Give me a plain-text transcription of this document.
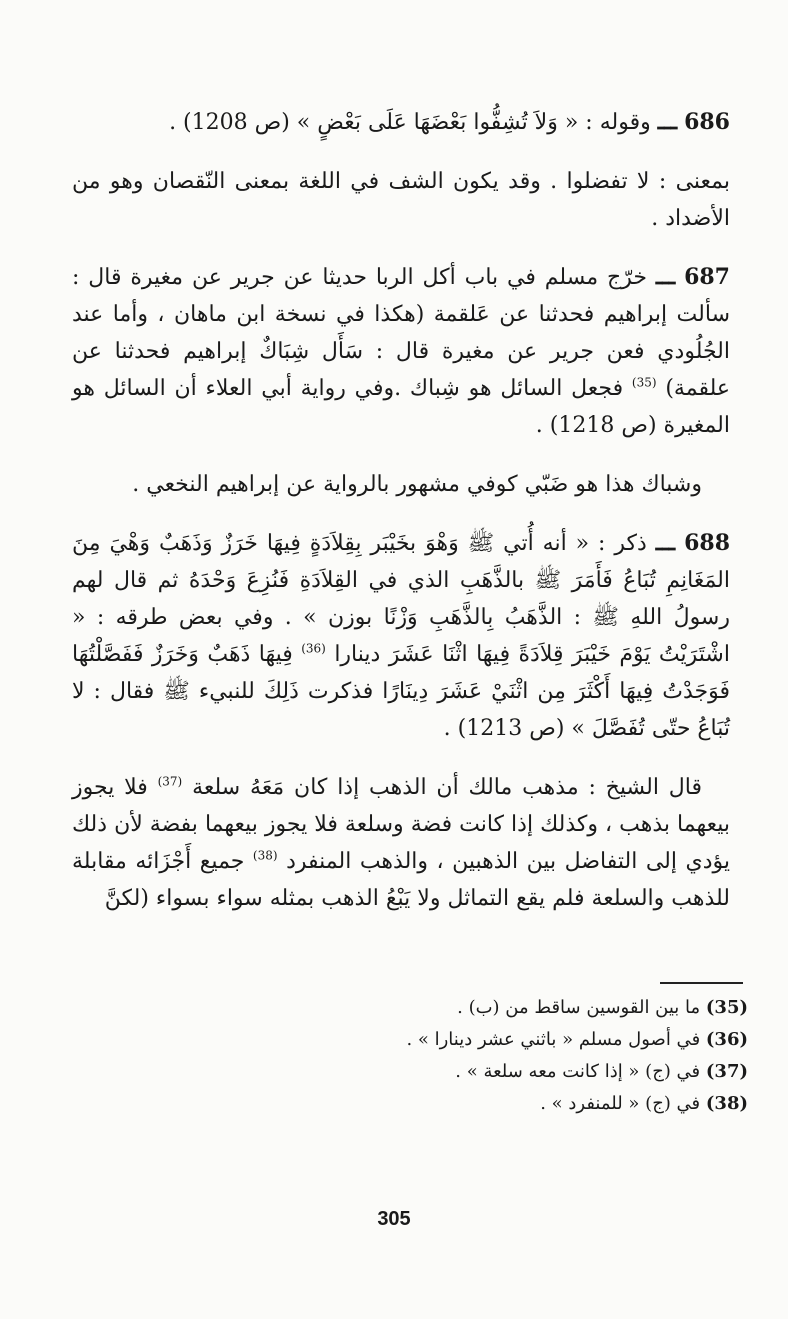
686 ـــ وقوله : « وَلاَ تُشِفُّوا بَعْضَهَا عَلَى بَعْضٍ » (ص 1208) .

بمعنى : لا تفضلوا . وقد يكون الشف في اللغة بمعنى النّقصان وهو من الأضداد .

687 ـــ خرّج مسلم في باب أكل الربا حديثا عن جرير عن مغيرة قال : سألت إبراهيم فحدثنا عن عَلقمة (هكذا في نسخة ابن ماهان ، وأما عند الجُلُودي فعن جرير عن مغيرة قال : سَأَل شِبَاكٌ إبراهيم فحدثنا عن علقمة) $^{(35)}$ فجعل السائل هو شِباك .وفي رواية أبي العلاء أن السائل هو المغيرة (ص 1218) .

وشباك هذا هو ضَبّي كوفي مشهور بالرواية عن إبراهيم النخعي .

688 ـــ ذكر : « أنه أُتي ﷺ وَهْوَ بخَيْبَر بِقِلاَدَةٍ فِيهَا خَرَزٌ وَذَهَبٌ وَهْيَ مِنَ المَغَانِمِ تُبَاعُ فَأَمَرَ ﷺ بالذَّهَبِ الذي في القِلاَدَةِ فَنُزِعَ وَحْدَهُ ثم قال لهم رسولُ اللهِ ﷺ : الذَّهَبُ بِالذَّهَبِ وَزْنًا بوزن » . وفي بعض طرقه : « اشْتَرَيْتُ يَوْمَ خَيْبَرَ قِلاَدَةً فِيهَا اثْنَا عَشَرَ دينارا $^{(36)}$ فِيهَا ذَهَبٌ وَخَرَزٌ فَفَصَّلْتُهَا فَوَجَدْتُ فِيهَا أَكْثَرَ مِن اثْنَيْ عَشَرَ دِينَارًا فذكرت ذَلِكَ للنبيء ﷺ فقال : لا تُبَاعُ حتّى تُفَصَّلَ » (ص 1213) .

قال الشيخ : مذهب مالك أن الذهب إذا كان مَعَهُ سلعة $^{(37)}$ فلا يجوز بيعهما بذهب ، وكذلك إذا كانت فضة وسلعة فلا يجوز بيعهما بفضة لأن ذلك يؤدي إلى التفاضل بين الذهبين ، والذهب المنفرد $^{(38)}$ جميع أَجْزَائه مقابلة للذهب والسلعة فلم يقع التماثل ولا يَبْعُ الذهب بمثله سواء بسواء (لكنَّ

(35) ما بين القوسين ساقط من (ب) .

(36) في أصول مسلم « باثني عشر دينارا » .

(37) في (ج) « إذا كانت معه سلعة » .

(38) في (ج) « للمنفرد » .

305
